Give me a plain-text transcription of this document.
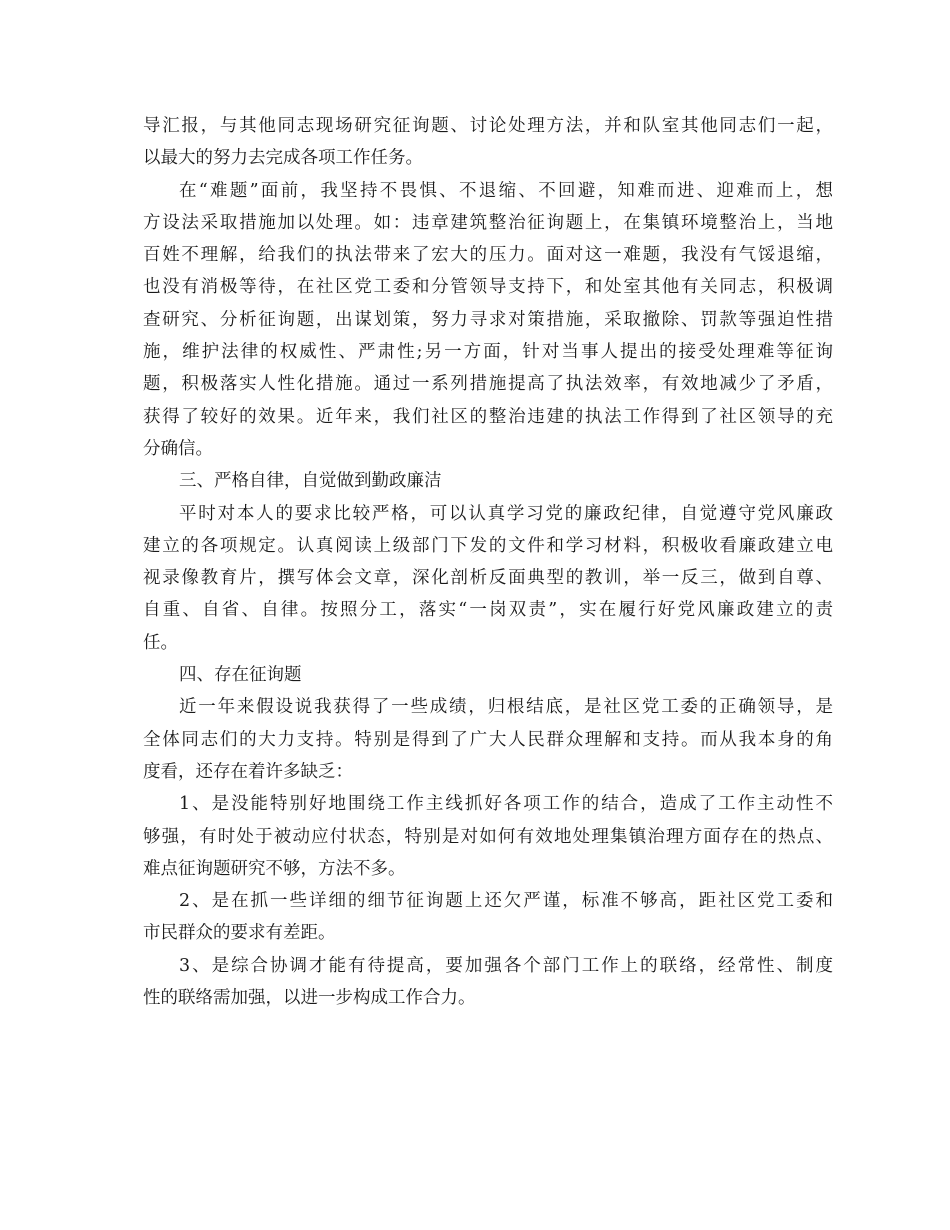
导汇报，与其他同志现场研究征询题、讨论处理方法，并和队室其他同志们一起，
以最大的努力去完成各项工作任务。
在“难题”面前，我坚持不畏惧、不退缩、不回避，知难而进、迎难而上，想
方设法采取措施加以处理。如：违章建筑整治征询题上，在集镇环境整治上，当地
百姓不理解，给我们的执法带来了宏大的压力。面对这一难题，我没有气馁退缩，
也没有消极等待，在社区党工委和分管领导支持下，和处室其他有关同志，积极调
查研究、分析征询题，出谋划策，努力寻求对策措施，采取撤除、罚款等强迫性措
施，维护法律的权威性、严肃性;另一方面，针对当事人提出的接受处理难等征询
题，积极落实人性化措施。通过一系列措施提高了执法效率，有效地减少了矛盾，
获得了较好的效果。近年来，我们社区的整治违建的执法工作得到了社区领导的充
分确信。
三、严格自律，自觉做到勤政廉洁
平时对本人的要求比较严格，可以认真学习党的廉政纪律，自觉遵守党风廉政
建立的各项规定。认真阅读上级部门下发的文件和学习材料，积极收看廉政建立电
视录像教育片，撰写体会文章，深化剖析反面典型的教训，举一反三，做到自尊、
自重、自省、自律。按照分工，落实“一岗双责”，实在履行好党风廉政建立的责
任。
四、存在征询题
近一年来假设说我获得了一些成绩，归根结底，是社区党工委的正确领导，是
全体同志们的大力支持。特别是得到了广大人民群众理解和支持。而从我本身的角
度看，还存在着许多缺乏：
1、是没能特别好地围绕工作主线抓好各项工作的结合，造成了工作主动性不
够强，有时处于被动应付状态，特别是对如何有效地处理集镇治理方面存在的热点、
难点征询题研究不够，方法不多。
2、是在抓一些详细的细节征询题上还欠严谨，标准不够高，距社区党工委和
市民群众的要求有差距。
3、是综合协调才能有待提高，要加强各个部门工作上的联络，经常性、制度
性的联络需加强，以进一步构成工作合力。
